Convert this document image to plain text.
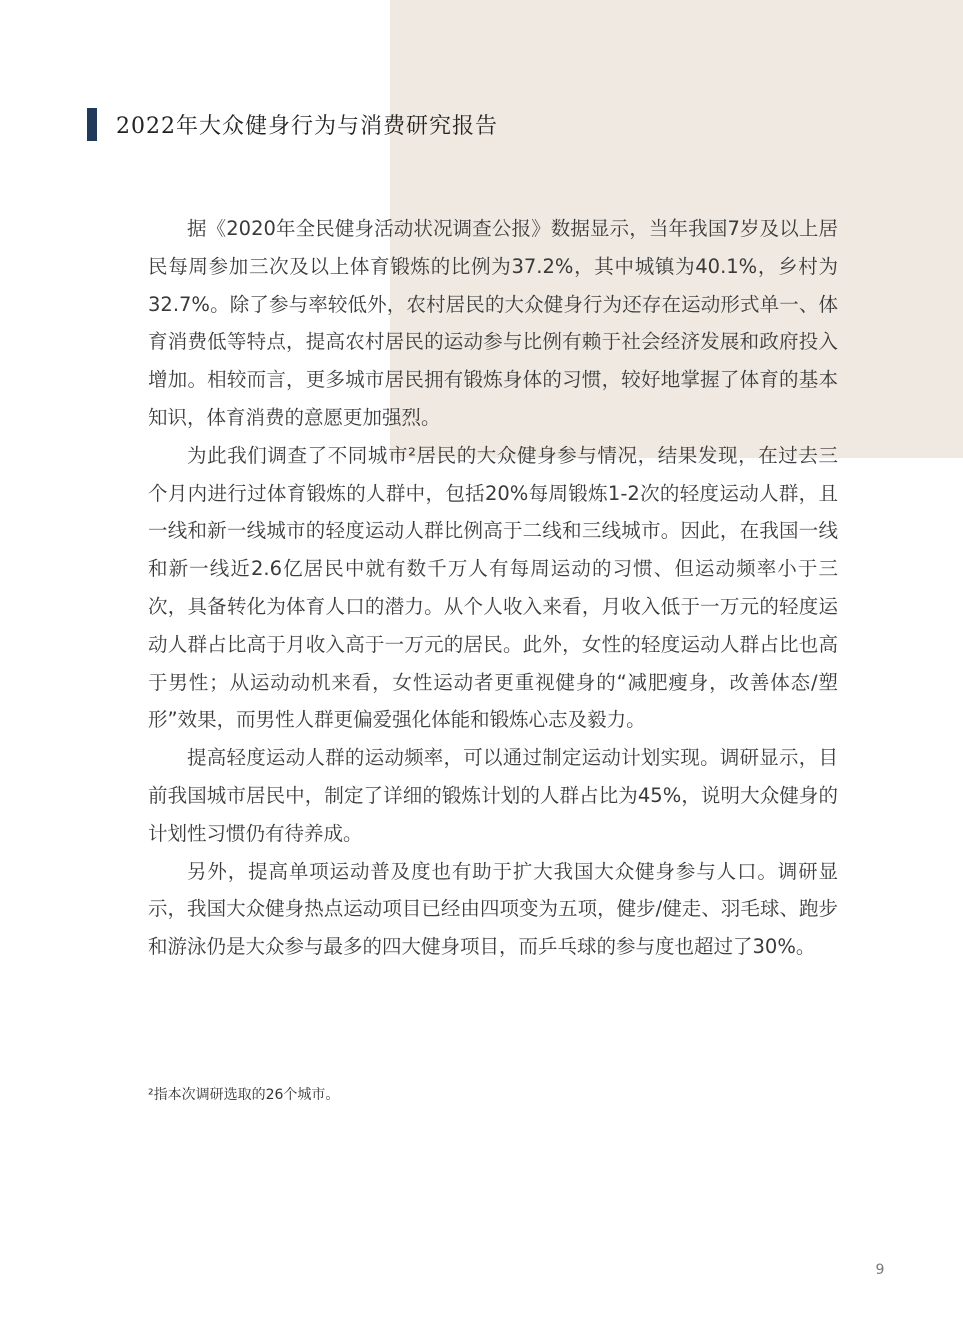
2022年大众健身行为与消费研究报告

据《2020年全民健身活动状况调查公报》数据显示，当年我国7岁及以上居民每周参加三次及以上体育锻炼的比例为37.2%，其中城镇为40.1%，乡村为32.7%。除了参与率较低外，农村居民的大众健身行为还存在运动形式单一、体育消费低等特点，提高农村居民的运动参与比例有赖于社会经济发展和政府投入增加。相较而言，更多城市居民拥有锻炼身体的习惯，较好地掌握了体育的基本知识，体育消费的意愿更加强烈。

为此我们调查了不同城市²居民的大众健身参与情况，结果发现，在过去三个月内进行过体育锻炼的人群中，包括20%每周锻炼1-2次的轻度运动人群，且一线和新一线城市的轻度运动人群比例高于二线和三线城市。因此，在我国一线和新一线近2.6亿居民中就有数千万人有每周运动的习惯、但运动频率小于三次，具备转化为体育人口的潜力。从个人收入来看，月收入低于一万元的轻度运动人群占比高于月收入高于一万元的居民。此外，女性的轻度运动人群占比也高于男性；从运动动机来看，女性运动者更重视健身的“减肥瘦身，改善体态/塑形”效果，而男性人群更偏爱强化体能和锻炼心志及毅力。

提高轻度运动人群的运动频率，可以通过制定运动计划实现。调研显示，目前我国城市居民中，制定了详细的锻炼计划的人群占比为45%，说明大众健身的计划性习惯仍有待养成。

另外，提高单项运动普及度也有助于扩大我国大众健身参与人口。调研显示，我国大众健身热点运动项目已经由四项变为五项，健步/健走、羽毛球、跑步和游泳仍是大众参与最多的四大健身项目，而乒乓球的参与度也超过了30%。

²指本次调研选取的26个城市。
9
